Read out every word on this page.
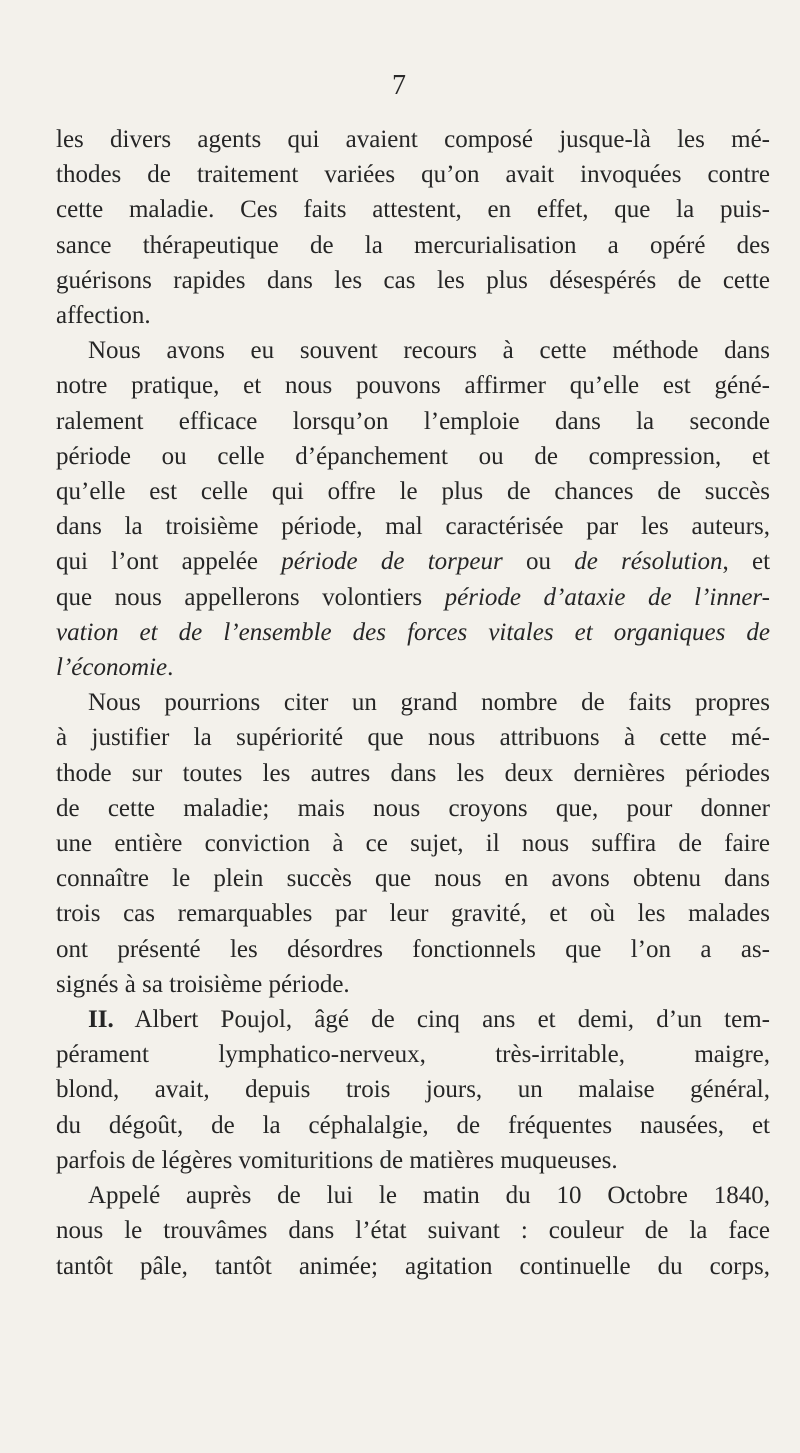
7
les divers agents qui avaient composé jusque-là les mé-
thodes de traitement variées qu’on avait invoquées contre
cette maladie. Ces faits attestent, en effet, que la puis-
sance thérapeutique de la mercurialisation a opéré des
guérisons rapides dans les cas les plus désespérés de cette
affection.
Nous avons eu souvent recours à cette méthode dans
notre pratique, et nous pouvons affirmer qu’elle est géné-
ralement efficace lorsqu’on l’emploie dans la seconde
période ou celle d’épanchement ou de compression, et
qu’elle est celle qui offre le plus de chances de succès
dans la troisième période, mal caractérisée par les auteurs,
qui l’ont appelée période de torpeur ou de résolution, et
que nous appellerons volontiers période d’ataxie de l’inner-
vation et de l’ensemble des forces vitales et organiques de
l’économie.
Nous pourrions citer un grand nombre de faits propres
à justifier la supériorité que nous attribuons à cette mé-
thode sur toutes les autres dans les deux dernières périodes
de cette maladie; mais nous croyons que, pour donner
une entière conviction à ce sujet, il nous suffira de faire
connaître le plein succès que nous en avons obtenu dans
trois cas remarquables par leur gravité, et où les malades
ont présenté les désordres fonctionnels que l’on a as-
signés à sa troisième période.
II. Albert Poujol, âgé de cinq ans et demi, d’un tem-
pérament lymphatico-nerveux, très-irritable, maigre,
blond, avait, depuis trois jours, un malaise général,
du dégoût, de la céphalalgie, de fréquentes nausées, et
parfois de légères vomituritions de matières muqueuses.
Appelé auprès de lui le matin du 10 Octobre 1840,
nous le trouvâmes dans l’état suivant : couleur de la face
tantôt pâle, tantôt animée; agitation continuelle du corps,
